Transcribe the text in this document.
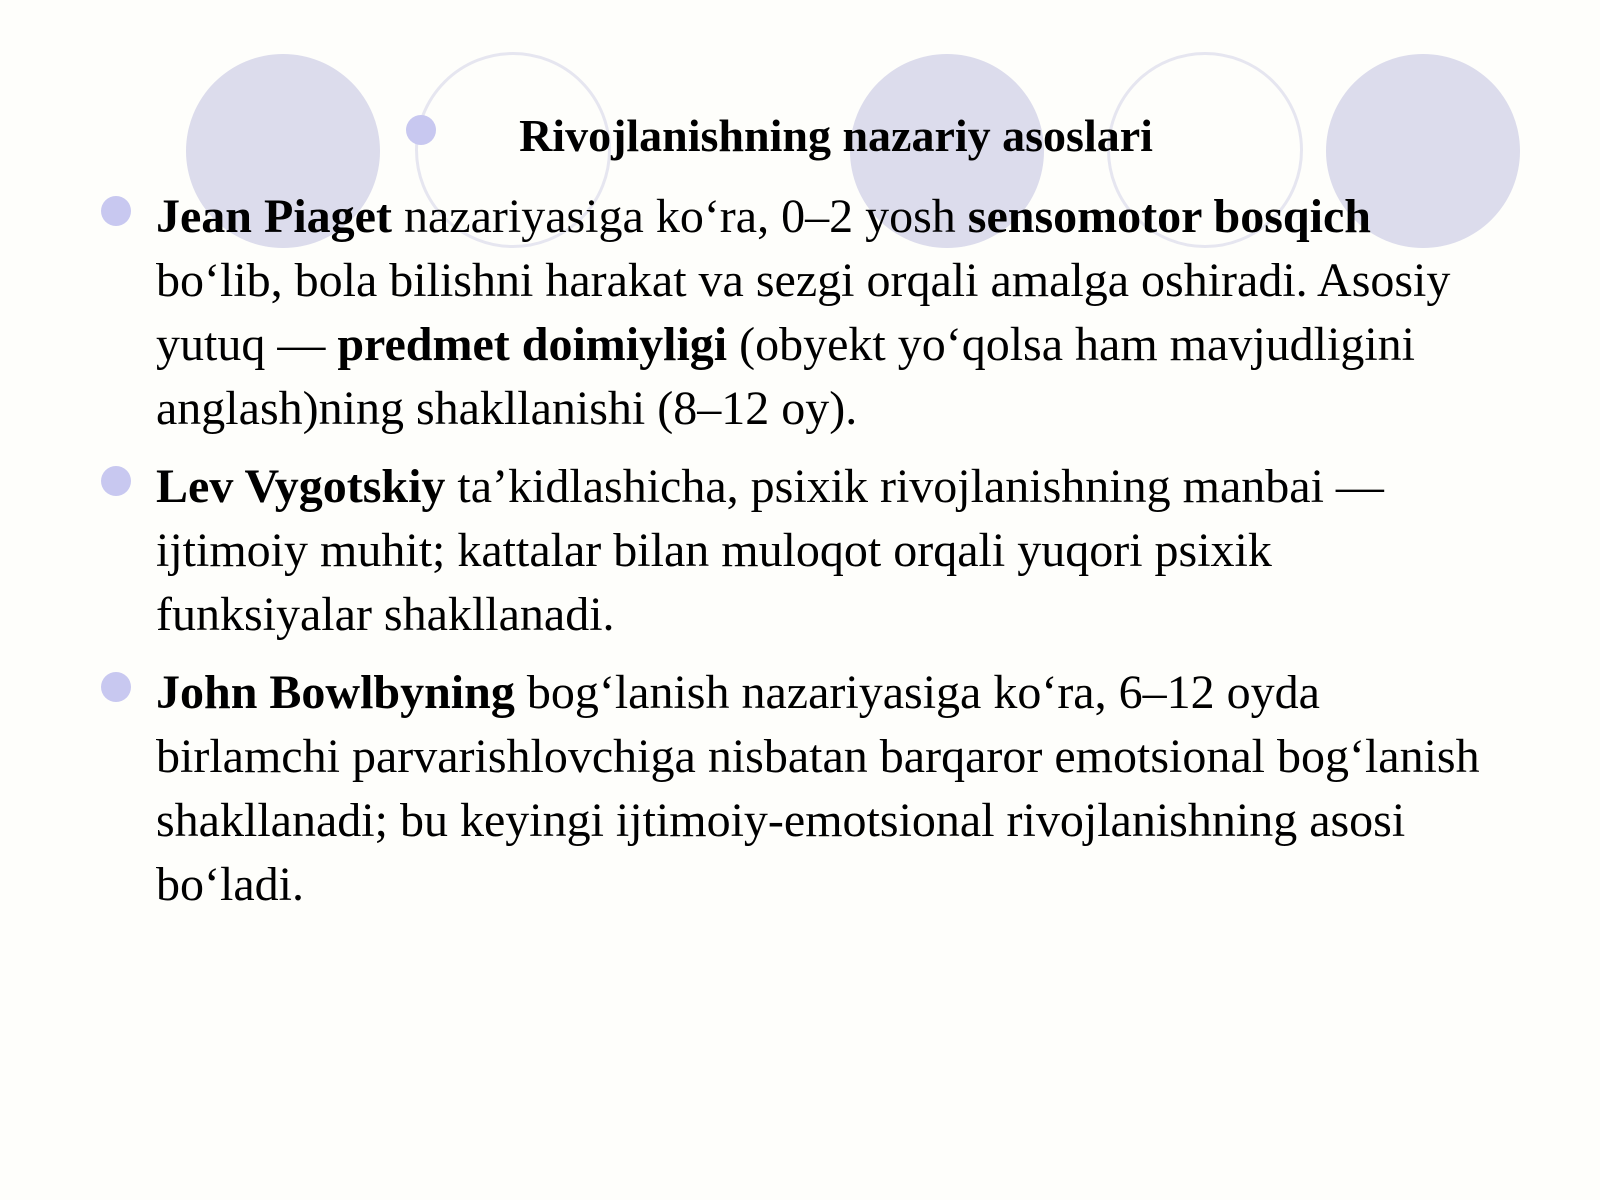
Rivojlanishning nazariy asoslari
Jean Piaget nazariyasiga ko‘ra, 0–2 yosh sensomotor bosqich bo‘lib, bola bilishni harakat va sezgi orqali amalga oshiradi. Asosiy yutuq — predmet doimiyligi (obyekt yo‘qolsa ham mavjudligini anglash)ning shakllanishi (8–12 oy).
Lev Vygotskiy ta’kidlashicha, psixik rivojlanishning manbai — ijtimoiy muhit; kattalar bilan muloqot orqali yuqori psixik funksiyalar shakllanadi.
John Bowlbyning bog‘lanish nazariyasiga ko‘ra, 6–12 oyda birlamchi parvarishlovchiga nisbatan barqaror emotsional bog‘lanish shakllanadi; bu keyingi ijtimoiy-emotsional rivojlanishning asosi bo‘ladi.
